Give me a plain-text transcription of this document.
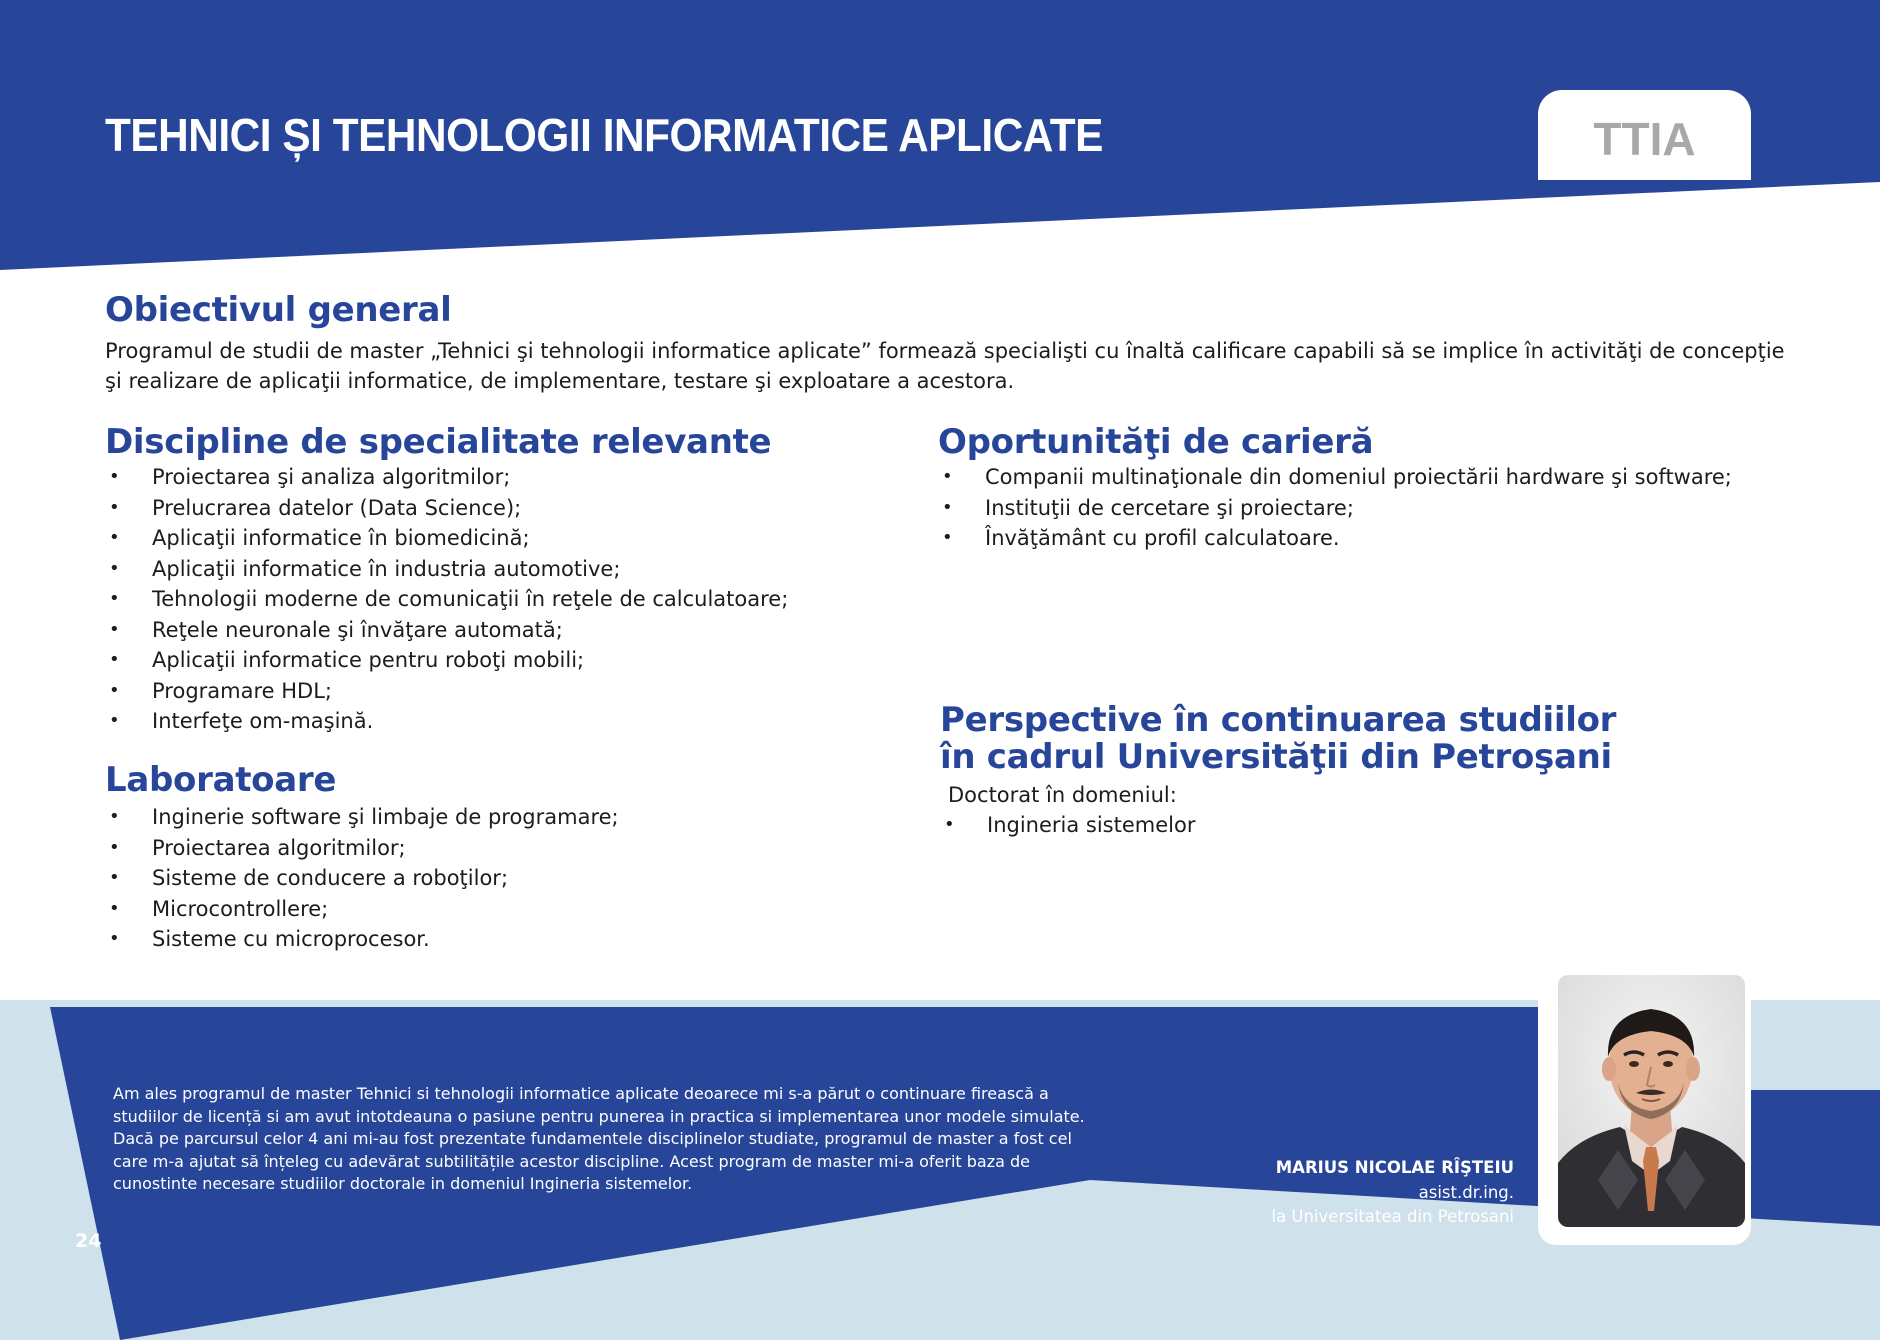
TEHNICI ȘI TEHNOLOGII INFORMATICE APLICATE	TTIA
Obiectivul general

Programul de studii de master „Tehnici şi tehnologii informatice aplicate” formează specialişti cu înaltă calificare capabili să se implice în activităţi de concepţie şi realizare de aplicaţii informatice, de implementare, testare şi exploatare a acestora.

Discipline de specialitate relevante
• Proiectarea şi analiza algoritmilor;
• Prelucrarea datelor (Data Science);
• Aplicaţii informatice în biomedicină;
• Aplicaţii informatice în industria automotive;
• Tehnologii moderne de comunicaţii în reţele de calculatoare;
• Reţele neuronale şi învăţare automată;
• Aplicaţii informatice pentru roboţi mobili;
• Programare HDL;
• Interfeţe om-maşină.
Laboratoare
• Inginerie software şi limbaje de programare;
• Proiectarea algoritmilor;
• Sisteme de conducere a roboţilor;
• Microcontrollere;
• Sisteme cu microprocesor.
Oportunităţi de carieră
• Companii multinaţionale din domeniul proiectării hardware şi software;
• Instituţii de cercetare şi proiectare;
• Învăţământ cu profil calculatoare.
Perspective în continuarea studiilor
în cadrul Universităţii din Petroşani
Doctorat în domeniul:
• Ingineria sistemelor

Am ales programul de master Tehnici si tehnologii informatice aplicate deoarece mi s-a părut o continuare firească a studiilor de licență si am avut intotdeauna o pasiune pentru punerea in practica si implementarea unor modele simulate. Dacă pe parcursul celor 4 ani mi-au fost prezentate fundamentele disciplinelor studiate, programul de master a fost cel care m-a ajutat să înțeleg cu adevărat subtilitățile acestor discipline. Acest program de master mi-a oferit baza de cunostinte necesare studiilor doctorale in domeniul Ingineria sistemelor.

MARIUS NICOLAE RÎŞTEIU
asist.dr.ing.
la Universitatea din Petrosani
24
